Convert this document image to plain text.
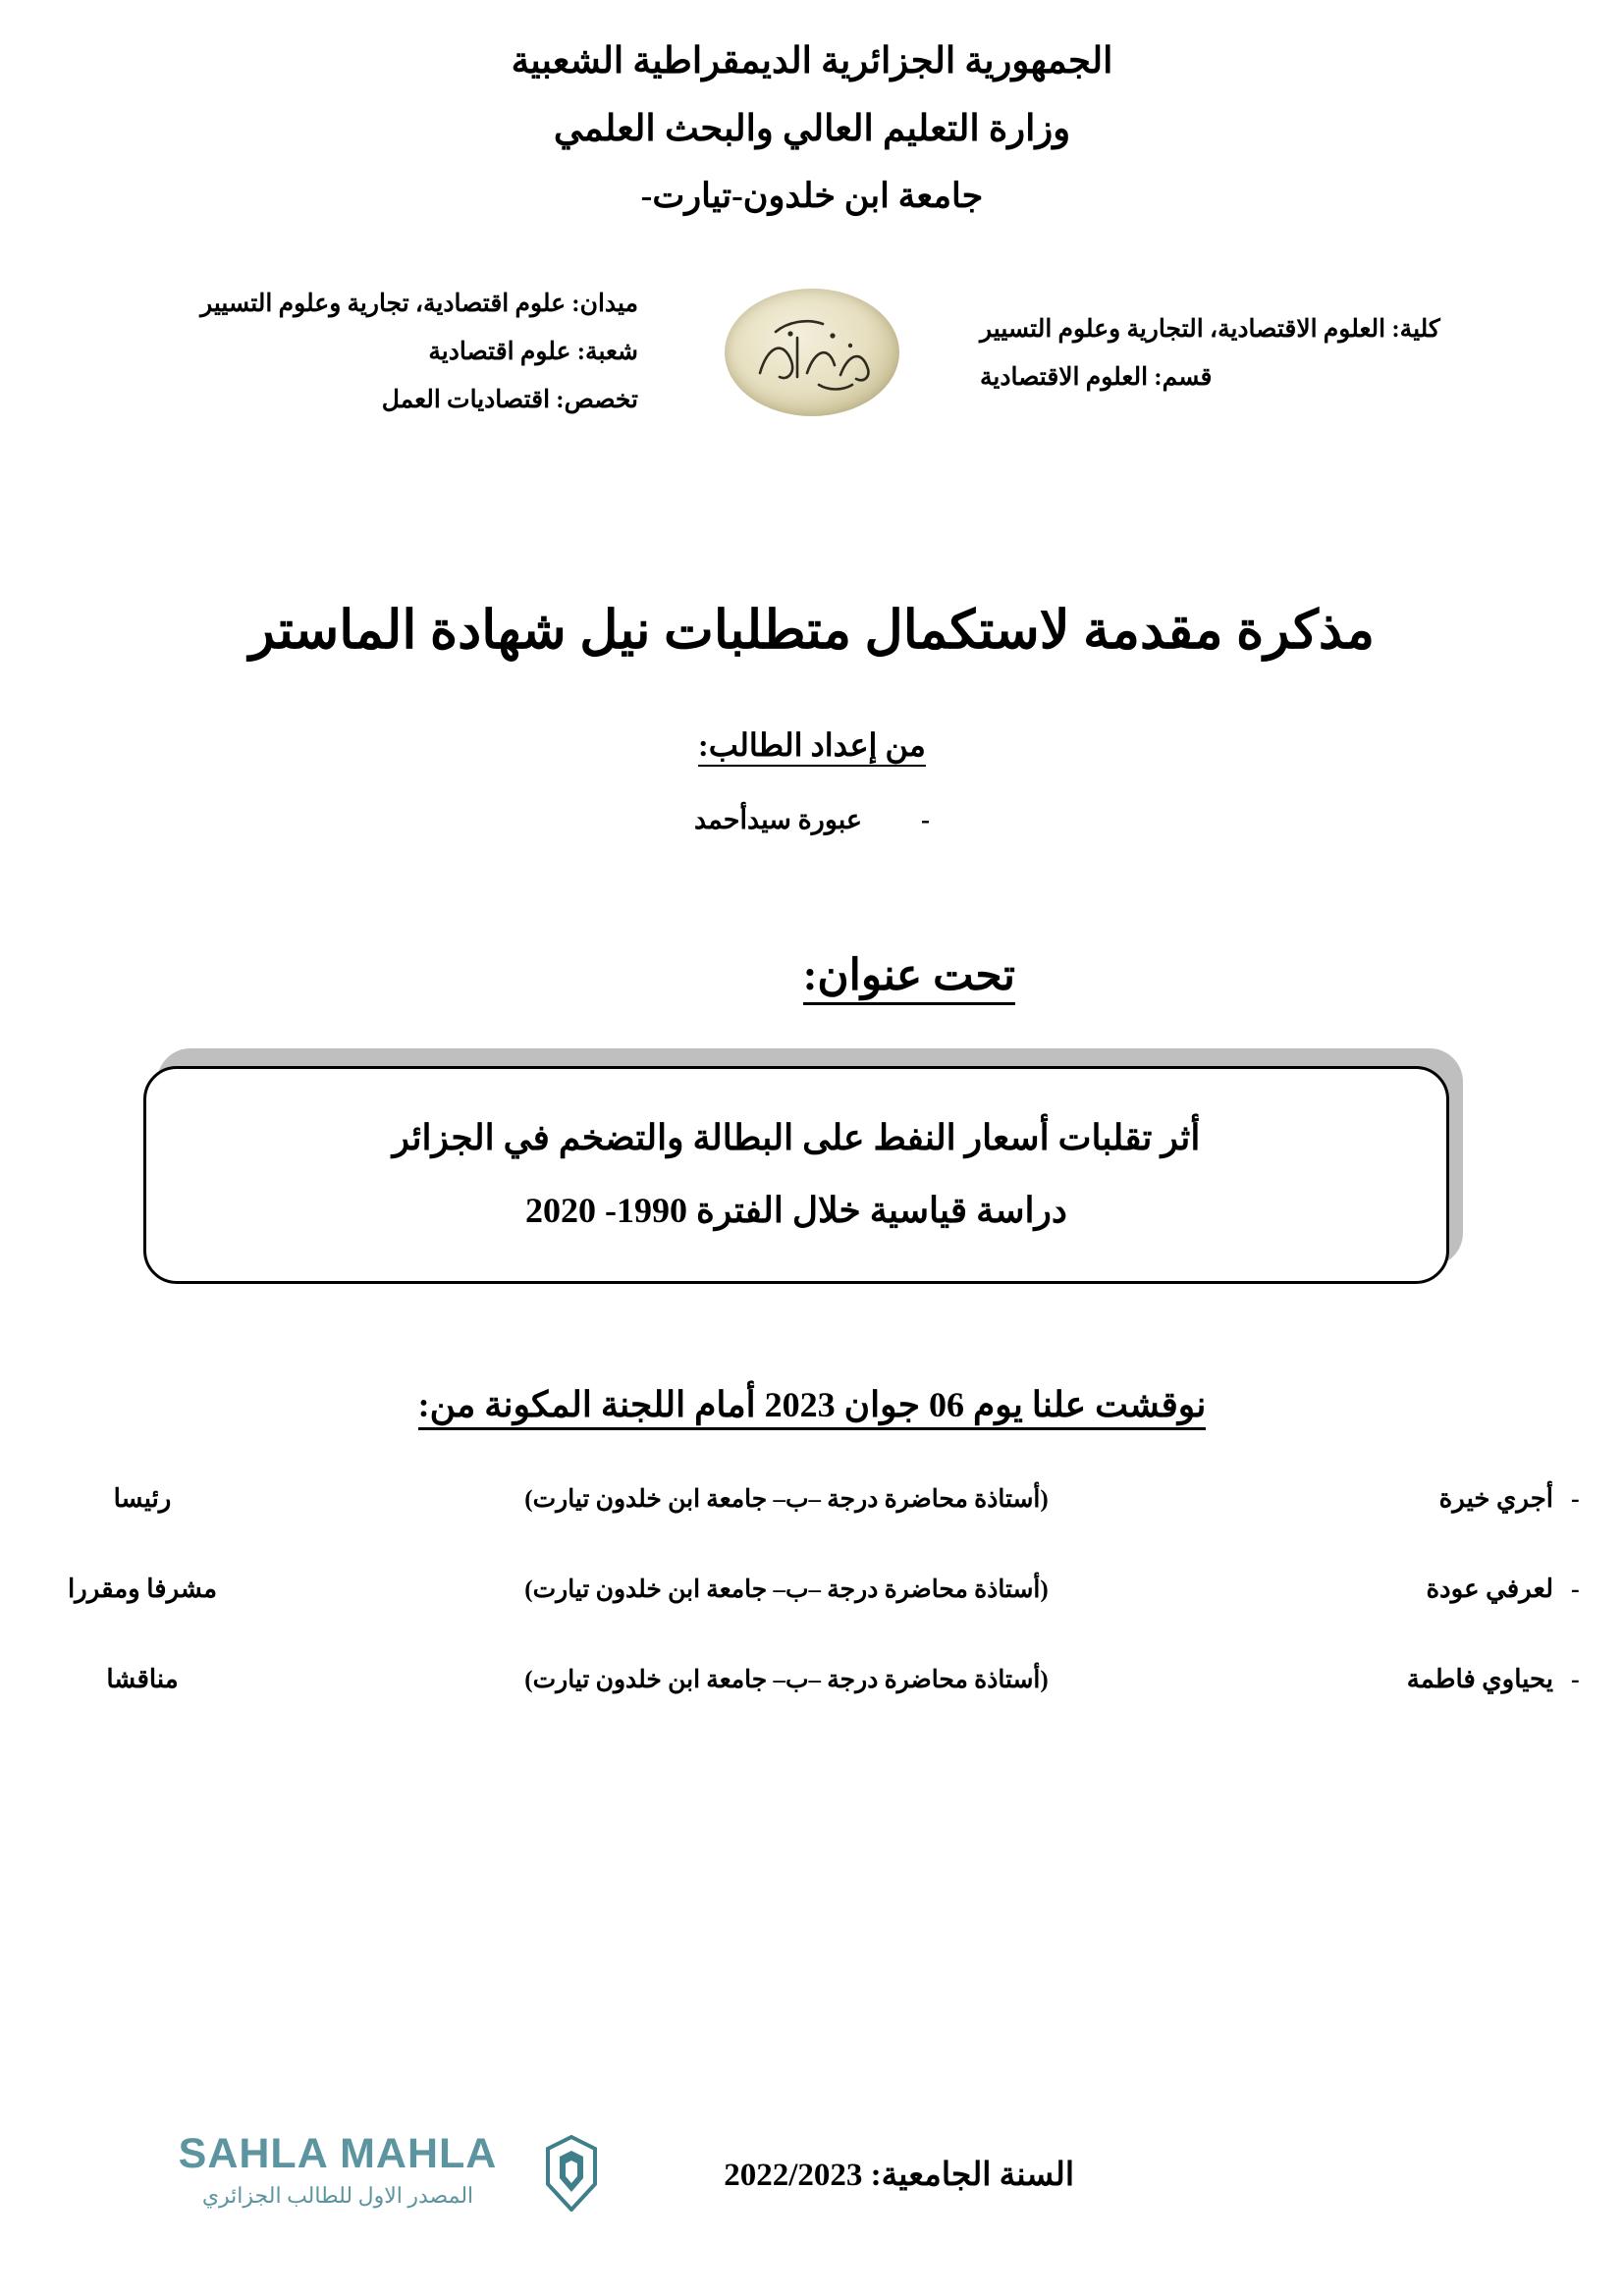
الجمهورية الجزائرية الديمقراطية الشعبية
وزارة التعليم العالي والبحث العلمي
جامعة ابن خلدون-تيارت-
كلية: العلوم الاقتصادية، التجارية وعلوم التسيير
قسم: العلوم الاقتصادية
ميدان: علوم اقتصادية، تجارية وعلوم التسيير
شعبة: علوم اقتصادية
تخصص: اقتصاديات العمل
مذكرة مقدمة لاستكمال متطلبات نيل شهادة الماستر
من إعداد الطالب:
-عبورة سيدأحمد
تحت عنوان:
أثر تقلبات أسعار النفط على البطالة والتضخم في الجزائر
دراسة قياسية خلال الفترة 1990- 2020
نوقشت علنا يوم 06 جوان 2023 أمام اللجنة المكونة من:
-
أجري خيرة
(أستاذة محاضرة درجة –ب– جامعة ابن خلدون تيارت)
رئيسا
-
لعرفي عودة
(أستاذة محاضرة درجة –ب– جامعة ابن خلدون تيارت)
مشرفا ومقررا
-
يحياوي فاطمة
(أستاذة محاضرة درجة –ب– جامعة ابن خلدون تيارت)
مناقشا
السنة الجامعية: 2022/2023
SAHLA MAHLA
المصدر الاول للطالب الجزائري
